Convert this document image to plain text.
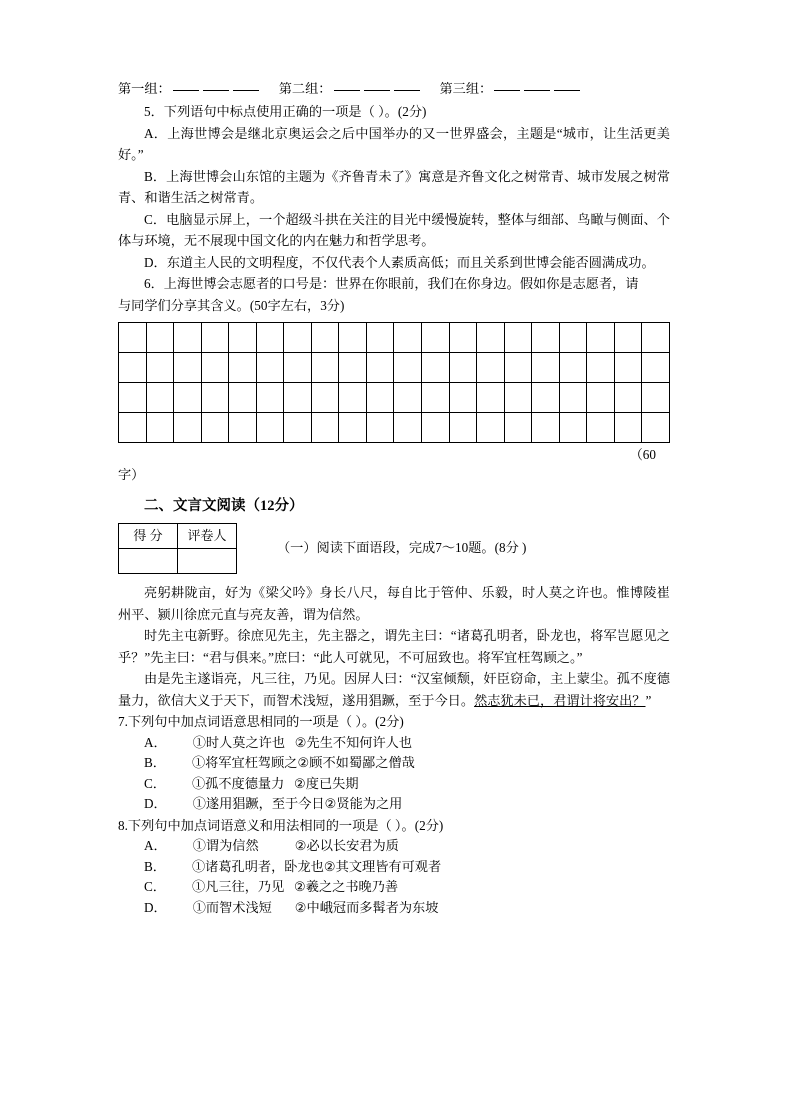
第一组：	第二组：	第三组：

5．下列语句中标点使用正确的一项是（ ）。(2分)

A．上海世博会是继北京奥运会之后中国举办的又一世界盛会，主题是“城市，让生活更美好。”

B．上海世博会山东馆的主题为《齐鲁青未了》寓意是齐鲁文化之树常青、城市发展之树常青、和谐生活之树常青。

C．电脑显示屏上，一个超级斗拱在关注的目光中缓慢旋转，整体与细部、鸟瞰与侧面、个体与环境，无不展现中国文化的内在魅力和哲学思考。

D．东道主人民的文明程度，不仅代表个人素质高低；而且关系到世博会能否圆满成功。

6．上海世博会志愿者的口号是：世界在你眼前，我们在你身边。假如你是志愿者，请

与同学们分享其含义。(50字左右，3分)

（60

字）

二、文言文阅读（12分）

得 分	评卷人

（一）阅读下面语段，完成7～10题。(8分 )

亮躬耕陇亩，好为《梁父吟》身长八尺，每自比于管仲、乐毅，时人莫之许也。惟博陵崔州平、颍川徐庶元直与亮友善，谓为信然。

时先主屯新野。徐庶见先主，先主器之，谓先主曰：“诸葛孔明者，卧龙也，将军岂愿见之乎？”先主曰：“君与俱来。”庶曰：“此人可就见，不可屈致也。将军宜枉驾顾之。”

由是先主遂诣亮，凡三往，乃见。因屏人曰：“汉室倾颓，奸臣窃命，主上蒙尘。孤不度德量力，欲信大义于天下，而智术浅短，遂用猖蹶，至于今日。然志犹未已，君谓计将安出？”

7.下列句中加点词语意思相同的一项是（ ）。(2分)

A． ①时人莫之许也 ②先生不知何许人也

B． ①将军宜枉驾顾之②顾不如蜀鄙之僧哉

C． ①孤不度德量力 ②度已失期

D． ①遂用猖蹶，至于今日②贤能为之用

8.下列句中加点词语意义和用法相同的一项是（ ）。(2分)

A． ①谓为信然	②必以长安君为质

B． ①诸葛孔明者，卧龙也②其文理皆有可观者

C． ①凡三往，乃见 ②羲之之书晚乃善

D． ①而智术浅短 ②中峨冠而多髯者为东坡
